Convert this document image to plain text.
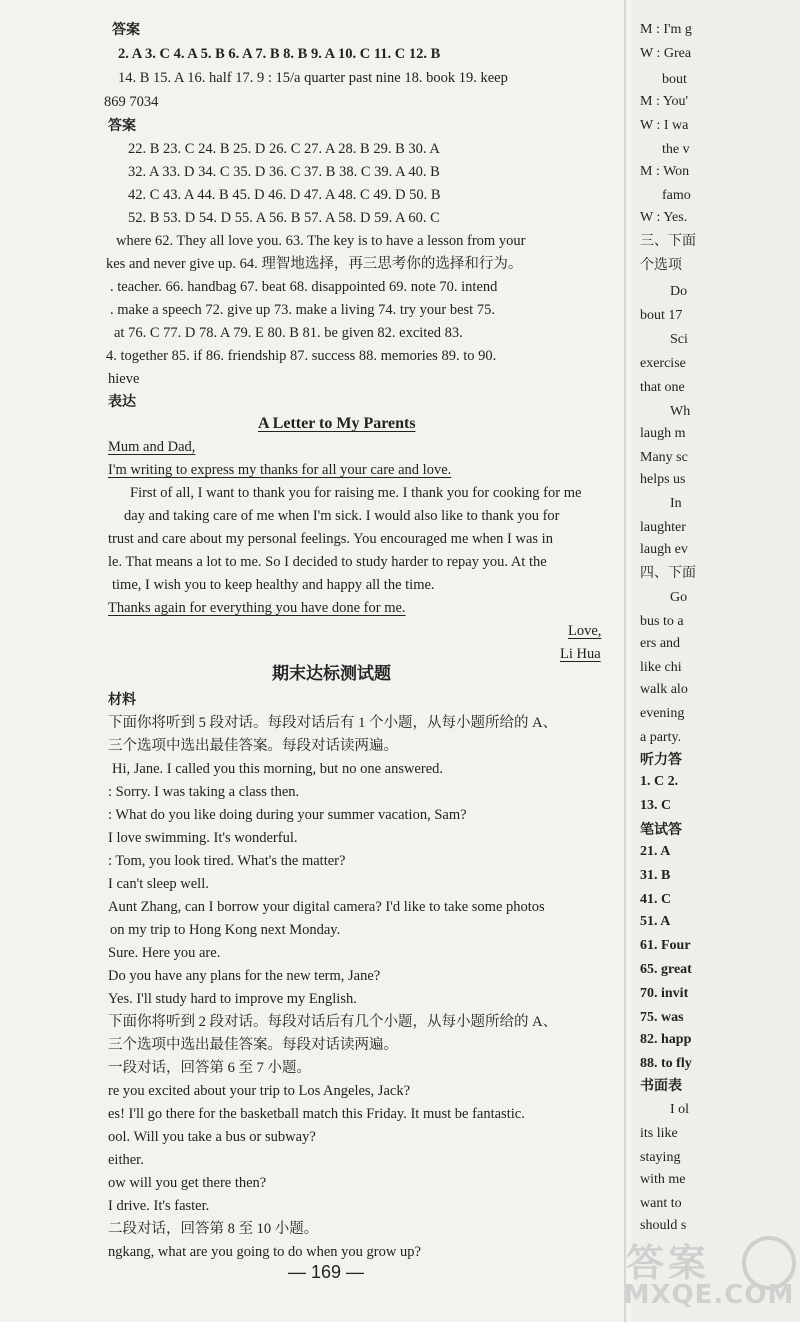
答案
2. A 3. C 4. A 5. B 6. A 7. B 8. B 9. A 10. C 11. C 12. B
14. B 15. A 16. half 17. 9 : 15/a quarter past nine 18. book 19. keep
869 7034
答案
22. B 23. C 24. B 25. D 26. C 27. A 28. B 29. B 30. A
32. A 33. D 34. C 35. D 36. C 37. B 38. C 39. A 40. B
42. C 43. A 44. B 45. D 46. D 47. A 48. C 49. D 50. B
52. B 53. D 54. D 55. A 56. B 57. A 58. D 59. A 60. C
where 62. They all love you. 63. The key is to have a lesson from your
kes and never give up. 64. 理智地选择，再三思考你的选择和行为。
. teacher. 66. handbag 67. beat 68. disappointed 69. note 70. intend
. make a speech 72. give up 73. make a living 74. try your best 75.
at 76. C 77. D 78. A 79. E 80. B 81. be given 82. excited 83.
4. together 85. if 86. friendship 87. success 88. memories 89. to 90.
hieve
表达
A Letter to My Parents
Mum and Dad,
I'm writing to express my thanks for all your care and love.
First of all, I want to thank you for raising me. I thank you for cooking for me
day and taking care of me when I'm sick. I would also like to thank you for
trust and care about my personal feelings. You encouraged me when I was in
le. That means a lot to me. So I decided to study harder to repay you. At the
time, I wish you to keep healthy and happy all the time.
Thanks again for everything you have done for me.
Love,
Li Hua
期末达标测试题
材料
下面你将听到 5 段对话。每段对话后有 1 个小题，从每小题所给的 A、
三个选项中选出最佳答案。每段对话读两遍。
Hi, Jane. I called you this morning, but no one answered.
: Sorry. I was taking a class then.
: What do you like doing during your summer vacation, Sam?
I love swimming. It's wonderful.
: Tom, you look tired. What's the matter?
I can't sleep well.
Aunt Zhang, can I borrow your digital camera? I'd like to take some photos
on my trip to Hong Kong next Monday.
Sure. Here you are.
Do you have any plans for the new term, Jane?
Yes. I'll study hard to improve my English.
下面你将听到 2 段对话。每段对话后有几个小题，从每小题所给的 A、
三个选项中选出最佳答案。每段对话读两遍。
一段对话，回答第 6 至 7 小题。
re you excited about your trip to Los Angeles, Jack?
es! I'll go there for the basketball match this Friday. It must be fantastic.
ool. Will you take a bus or subway?
either.
ow will you get there then?
I drive. It's faster.
二段对话，回答第 8 至 10 小题。
ngkang, what are you going to do when you grow up?
— 169 —
M : I'm g
W : Grea
bout
M : You'
W : I wa
the v
M : Won
famo
W : Yes.
三、下面
个选项
Do
bout 17
Sci
exercise
that one
Wh
laugh m
Many sc
helps us
In
laughter
laugh ev
四、下面
Go
bus to a
ers and
like chi
walk alo
evening
a party.
听力答
1. C 2.
13. C
笔试答
21. A
31. B
41. C
51. A
61. Four
65. great
70. invit
75. was
82. happ
88. to fly
书面表
I ol
its like
staying
with me
want to
should s
答案
MXQE.COM
